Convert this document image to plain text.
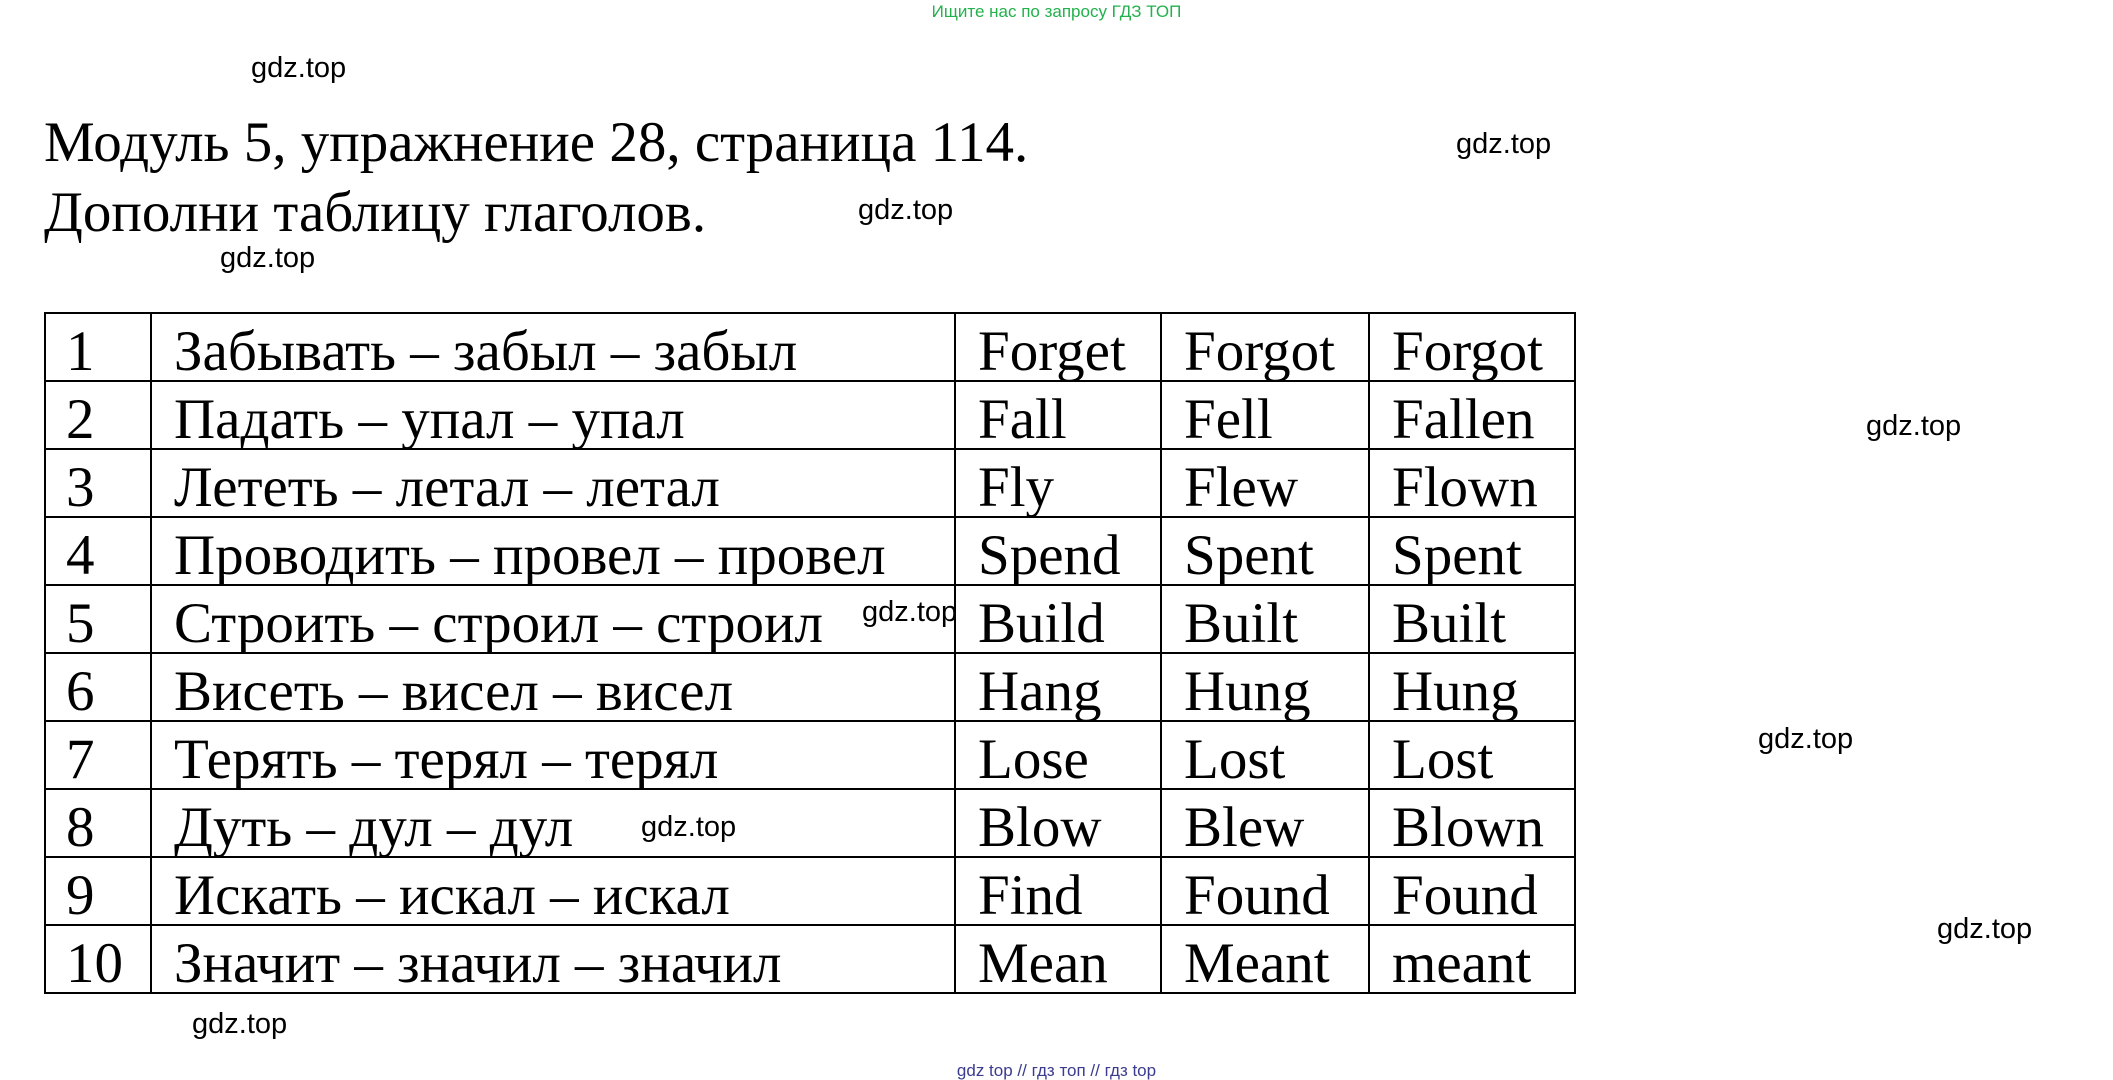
Ищите нас по запросу ГДЗ ТОП
gdz.top
gdz.top
gdz.top
gdz.top
gdz.top
gdz.top
gdz.top
gdz.top
gdz.top
gdz.top
Модуль 5, упражнение 28, страница 114.
Дополни таблицу глаголов.
1	Забывать – забыл – забыл	Forget	Forgot	Forgot
2	Падать – упал – упал	Fall	Fell	Fallen
3	Лететь – летал – летал	Fly	Flew	Flown
4	Проводить – провел – провел	Spend	Spent	Spent
5	Строить – строил – строил	Build	Built	Built
6	Висеть – висел – висел	Hang	Hung	Hung
7	Терять – терял – терял	Lose	Lost	Lost
8	Дуть – дул – дул	Blow	Blew	Blown
9	Искать – искал – искал	Find	Found	Found
10	Значит – значил – значил	Mean	Meant	meant
gdz top // гдз топ // гдз top
